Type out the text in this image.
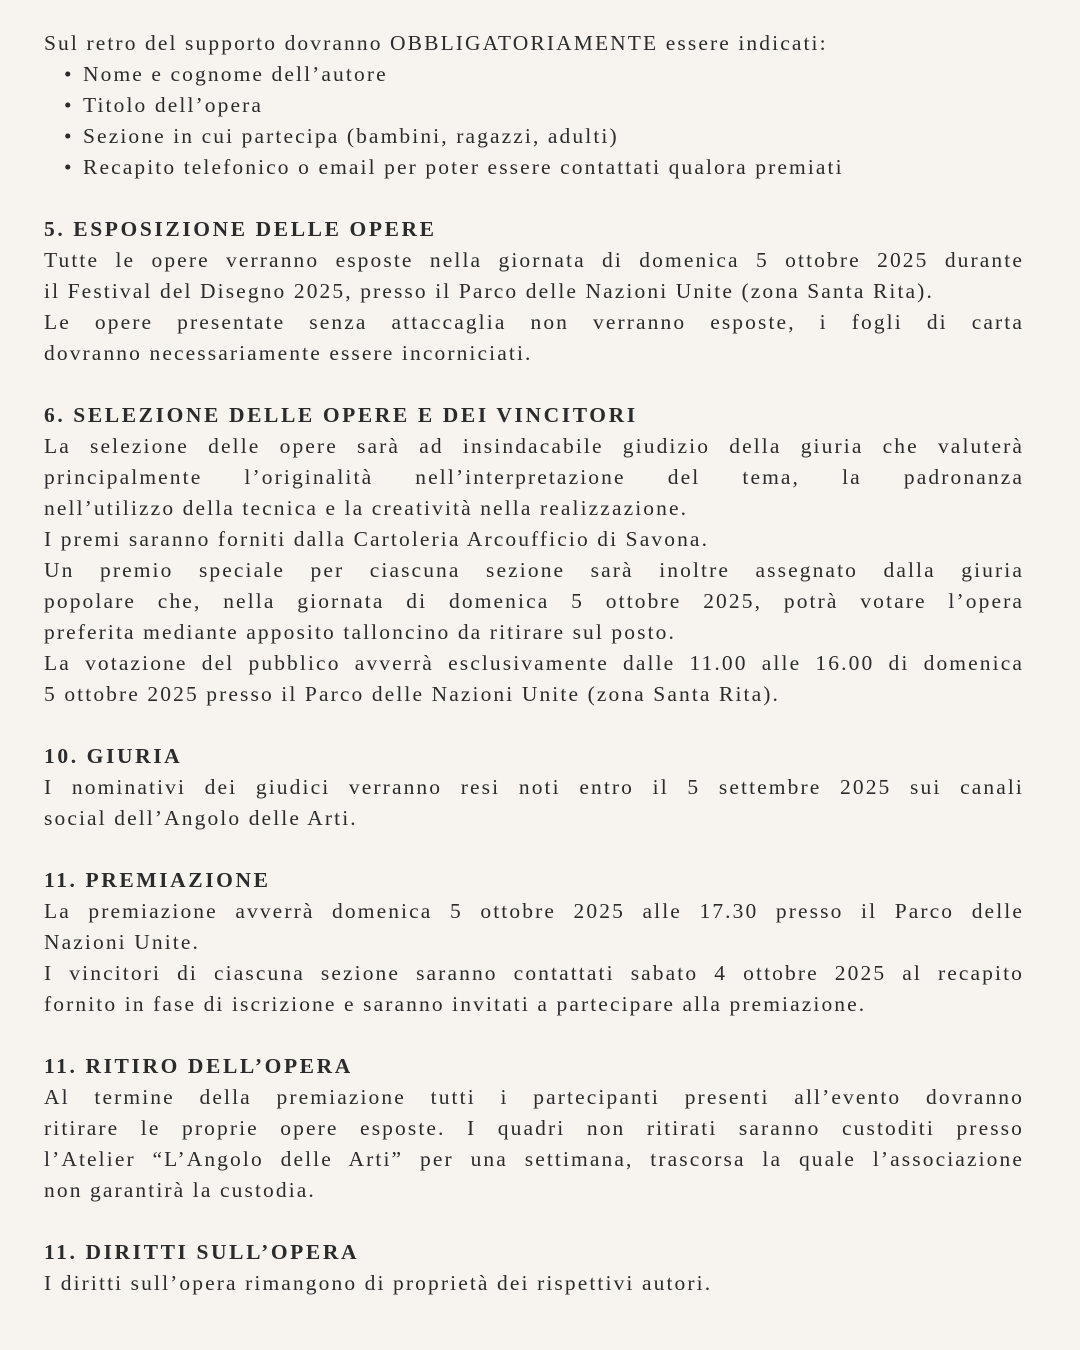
Sul retro del supporto dovranno OBBLIGATORIAMENTE essere indicati:

• Nome e cognome dell’autore
• Titolo dell’opera
• Sezione in cui partecipa (bambini, ragazzi, adulti)
• Recapito telefonico o email per poter essere contattati qualora premiati

5. ESPOSIZIONE DELLE OPERE

Tutte le opere verranno esposte nella giornata di domenica 5 ottobre 2025 durante

il Festival del Disegno 2025, presso il Parco delle Nazioni Unite (zona Santa Rita).

Le opere presentate senza attaccaglia non verranno esposte, i fogli di carta

dovranno necessariamente essere incorniciati.

6. SELEZIONE DELLE OPERE E DEI VINCITORI

La selezione delle opere sarà ad insindacabile giudizio della giuria che valuterà

principalmente l’originalità nell’interpretazione del tema, la padronanza

nell’utilizzo della tecnica e la creatività nella realizzazione.

I premi saranno forniti dalla Cartoleria Arcoufficio di Savona.

Un premio speciale per ciascuna sezione sarà inoltre assegnato dalla giuria

popolare che, nella giornata di domenica 5 ottobre 2025, potrà votare l’opera

preferita mediante apposito talloncino da ritirare sul posto.

La votazione del pubblico avverrà esclusivamente dalle 11.00 alle 16.00 di domenica

5 ottobre 2025 presso il Parco delle Nazioni Unite (zona Santa Rita).

10. GIURIA

I nominativi dei giudici verranno resi noti entro il 5 settembre 2025 sui canali

social dell’Angolo delle Arti.

11. PREMIAZIONE

La premiazione avverrà domenica 5 ottobre 2025 alle 17.30 presso il Parco delle

Nazioni Unite.

I vincitori di ciascuna sezione saranno contattati sabato 4 ottobre 2025 al recapito

fornito in fase di iscrizione e saranno invitati a partecipare alla premiazione.

11. RITIRO DELL’OPERA

Al termine della premiazione tutti i partecipanti presenti all’evento dovranno

ritirare le proprie opere esposte. I quadri non ritirati saranno custoditi presso

l’Atelier “L’Angolo delle Arti” per una settimana, trascorsa la quale l’associazione

non garantirà la custodia.

11. DIRITTI SULL’OPERA

I diritti sull’opera rimangono di proprietà dei rispettivi autori.
